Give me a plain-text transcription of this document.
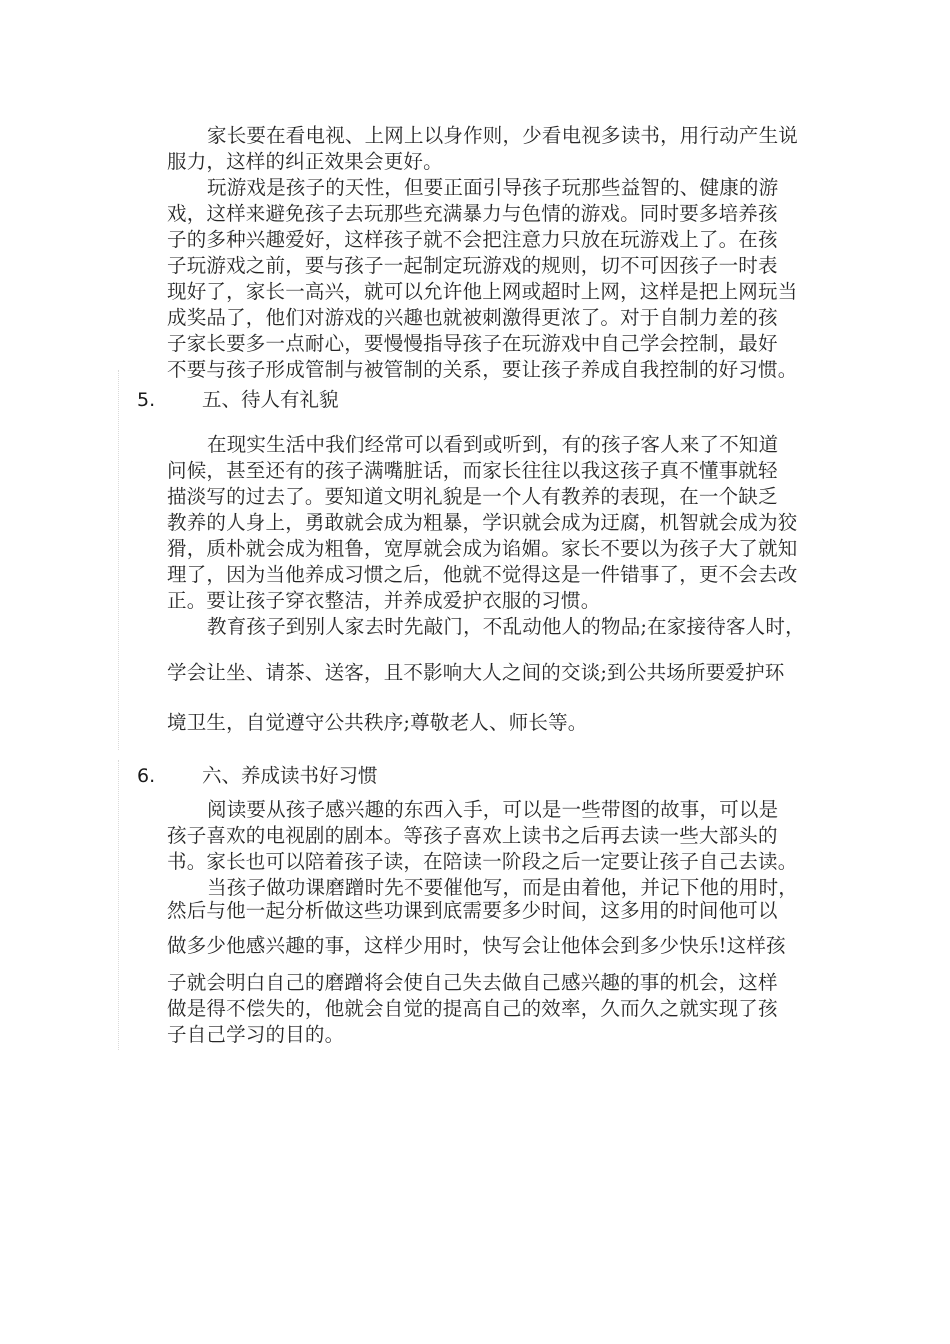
家长要在看电视、上网上以身作则，少看电视多读书，用行动产生说
服力，这样的纠正效果会更好。
玩游戏是孩子的天性，但要正面引导孩子玩那些益智的、健康的游
戏，这样来避免孩子去玩那些充满暴力与色情的游戏。同时要多培养孩
子的多种兴趣爱好，这样孩子就不会把注意力只放在玩游戏上了。在孩
子玩游戏之前，要与孩子一起制定玩游戏的规则，切不可因孩子一时表
现好了，家长一高兴，就可以允许他上网或超时上网，这样是把上网玩当
成奖品了，他们对游戏的兴趣也就被刺激得更浓了。对于自制力差的孩
子家长要多一点耐心，要慢慢指导孩子在玩游戏中自己学会控制，最好
不要与孩子形成管制与被管制的关系，要让孩子养成自我控制的好习惯。
5. 五、待人有礼貌
在现实生活中我们经常可以看到或听到，有的孩子客人来了不知道
问候，甚至还有的孩子满嘴脏话，而家长往往以我这孩子真不懂事就轻
描淡写的过去了。要知道文明礼貌是一个人有教养的表现，在一个缺乏
教养的人身上，勇敢就会成为粗暴，学识就会成为迂腐，机智就会成为狡
猾，质朴就会成为粗鲁，宽厚就会成为谄媚。家长不要以为孩子大了就知
理了，因为当他养成习惯之后，他就不觉得这是一件错事了，更不会去改
正。要让孩子穿衣整洁，并养成爱护衣服的习惯。
教育孩子到别人家去时先敲门，不乱动他人的物品;在家接待客人时，
学会让坐、请茶、送客，且不影响大人之间的交谈;到公共场所要爱护环
境卫生，自觉遵守公共秩序;尊敬老人、师长等。
6. 六、养成读书好习惯
阅读要从孩子感兴趣的东西入手，可以是一些带图的故事，可以是
孩子喜欢的电视剧的剧本。等孩子喜欢上读书之后再去读一些大部头的
书。家长也可以陪着孩子读，在陪读一阶段之后一定要让孩子自己去读。
当孩子做功课磨蹭时先不要催他写，而是由着他，并记下他的用时，
然后与他一起分析做这些功课到底需要多少时间，这多用的时间他可以
做多少他感兴趣的事，这样少用时，快写会让他体会到多少快乐!这样孩
子就会明白自己的磨蹭将会使自己失去做自己感兴趣的事的机会，这样
做是得不偿失的，他就会自觉的提高自己的效率，久而久之就实现了孩
子自己学习的目的。
